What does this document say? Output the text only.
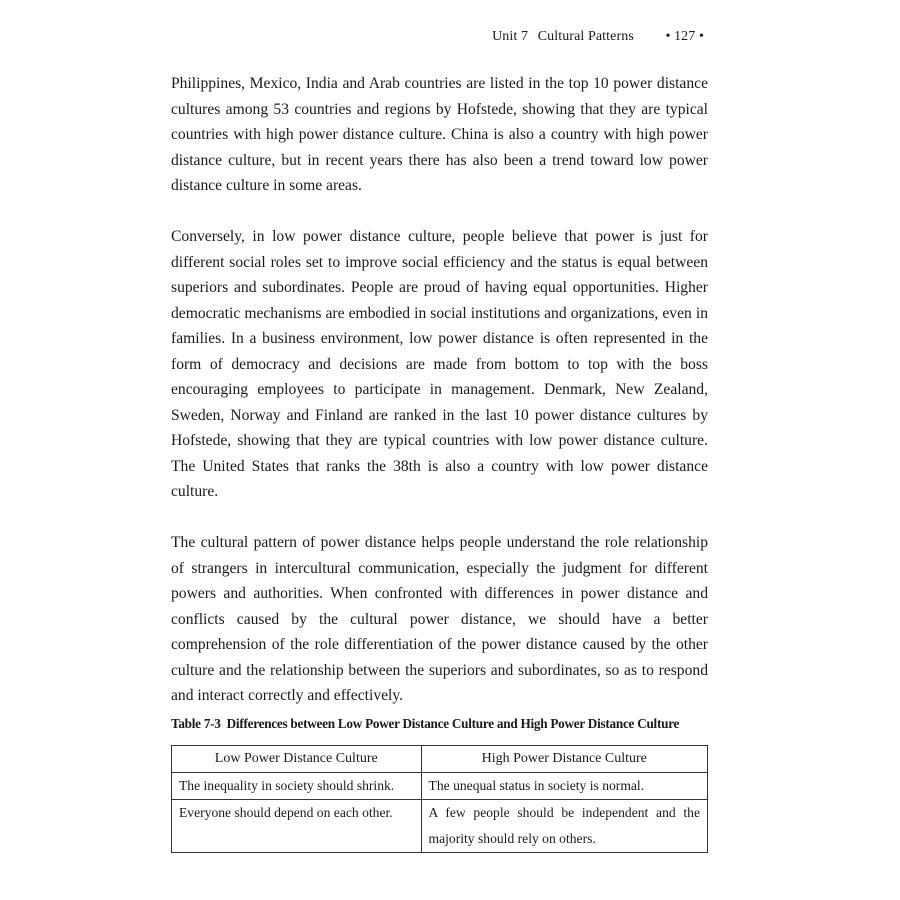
Unit 7 Cultural Patterns • 127 •

Philippines, Mexico, India and Arab countries are listed in the top 10 power distance cultures among 53 countries and regions by Hofstede, showing that they are typical countries with high power distance culture. China is also a country with high power distance culture, but in recent years there has also been a trend toward low power distance culture in some areas.

Conversely, in low power distance culture, people believe that power is just for different social roles set to improve social efficiency and the status is equal between superiors and subordinates. People are proud of having equal opportunities. Higher democratic mechanisms are embodied in social institutions and organizations, even in families. In a business environment, low power distance is often represented in the form of democracy and decisions are made from bottom to top with the boss encouraging employees to participate in management. Denmark, New Zealand, Sweden, Norway and Finland are ranked in the last 10 power distance cultures by Hofstede, showing that they are typical countries with low power distance culture. The United States that ranks the 38th is also a country with low power distance culture.

The cultural pattern of power distance helps people understand the role relationship of strangers in intercultural communication, especially the judgment for different powers and authorities. When confronted with differences in power distance and conflicts caused by the cultural power distance, we should have a better comprehension of the role differentiation of the power distance caused by the other culture and the relationship between the superiors and subordinates, so as to respond and interact correctly and effectively.

Table 7-3 Differences between Low Power Distance Culture and High Power Distance Culture
Low Power Distance Culture	High Power Distance Culture
The inequality in society should shrink.	The unequal status in society is normal.
Everyone should depend on each other.	A few people should be independent and the majority should rely on others.
